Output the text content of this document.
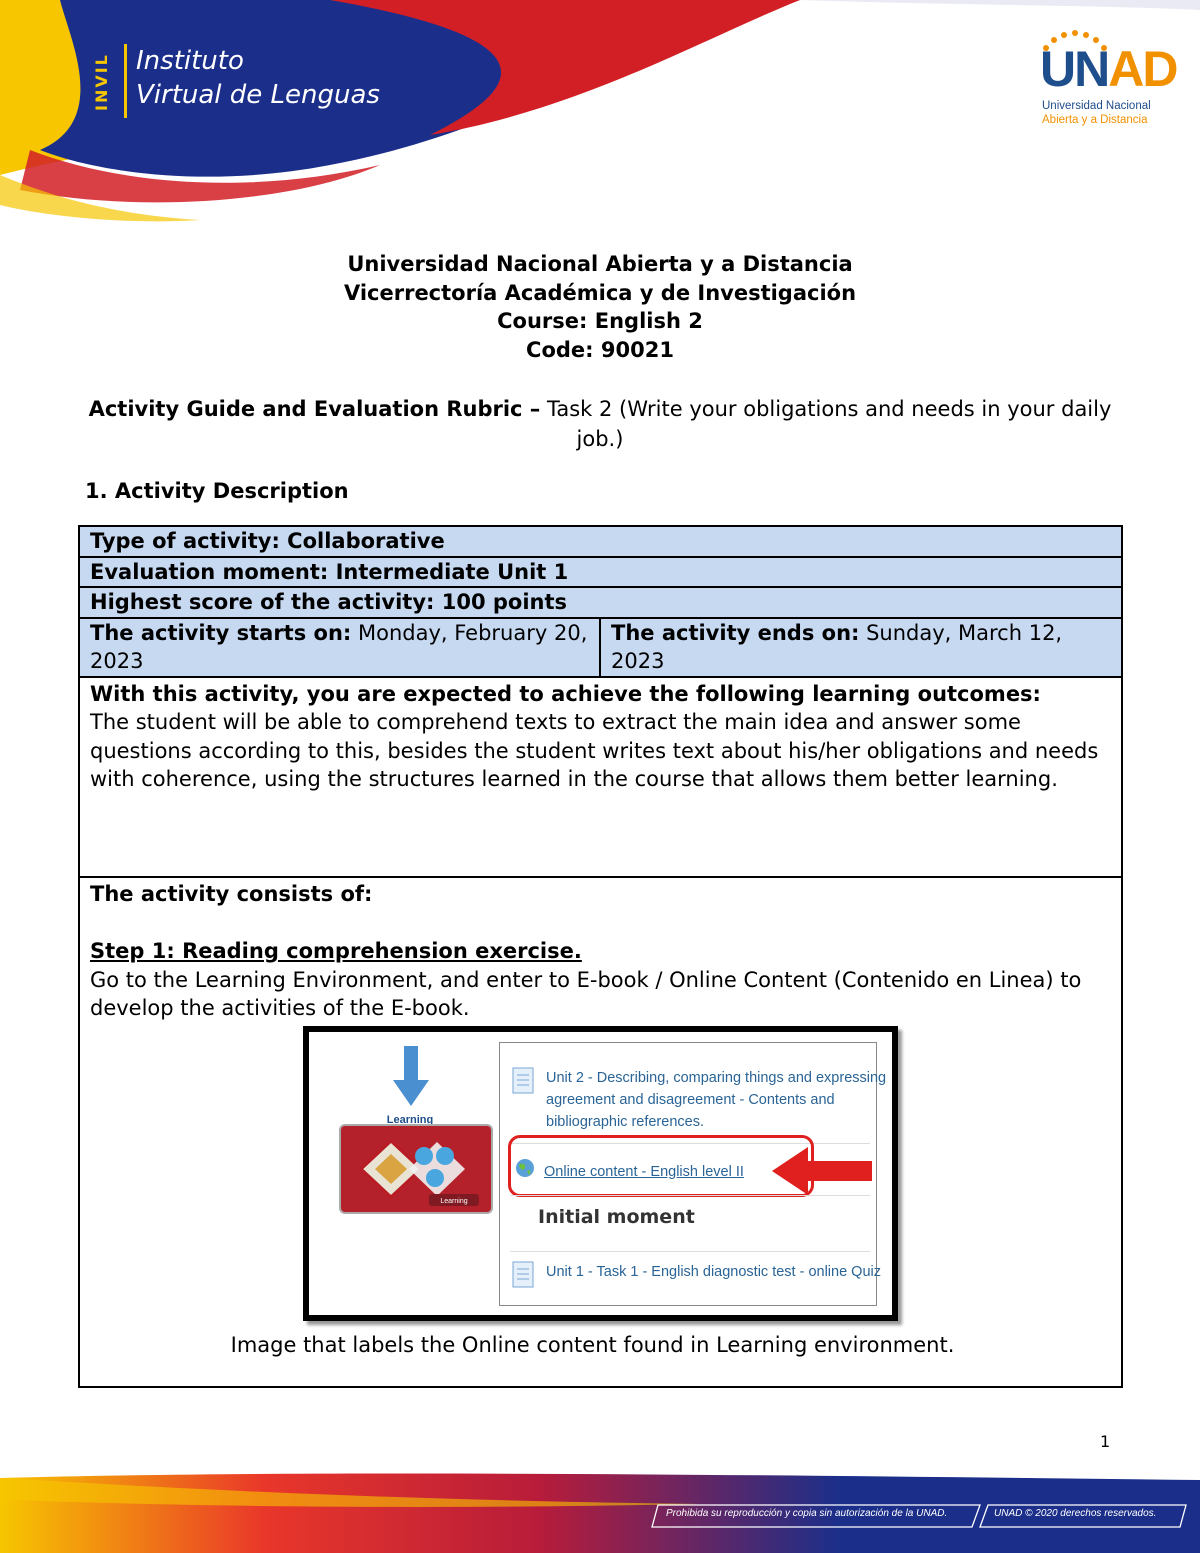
INVIL Instituto
Virtual de Lenguas	UNAD
Universidad Nacional
Abierta y a Distancia
Universidad Nacional Abierta y a Distancia
Vicerrectoría Académica y de Investigación
Course: English 2
Code: 90021
Activity Guide and Evaluation Rubric – Task 2 (Write your obligations and needs in your daily job.)
1. Activity Description
Type of activity: Collaborative
Evaluation moment: Intermediate Unit 1
Highest score of the activity: 100 points
The activity starts on: Monday, February 20, 2023	The activity ends on: Sunday, March 12, 2023

With this activity, you are expected to achieve the following learning outcomes:
The student will be able to comprehend texts to extract the main idea and answer some questions according to this, besides the student writes text about his/her obligations and needs with coherence, using the structures learned in the course that allows them better learning.

The activity consists of:
Step 1: Reading comprehension exercise.
Go to the Learning Environment, and enter to E-book / Online Content (Contenido en Linea) to develop the activities of the E-book.
Learning
Learning
Unit 2 - Describing, comparing things and expressing agreement and disagreement - Contents and bibliographic references.
Online content - English level II
Initial moment
Unit 1 - Task 1 - English diagnostic test - online Quiz
Image that labels the Online content found in Learning environment.
1
Prohibida su reproducción y copia sin autorización de la UNAD.	UNAD © 2020 derechos reservados.
